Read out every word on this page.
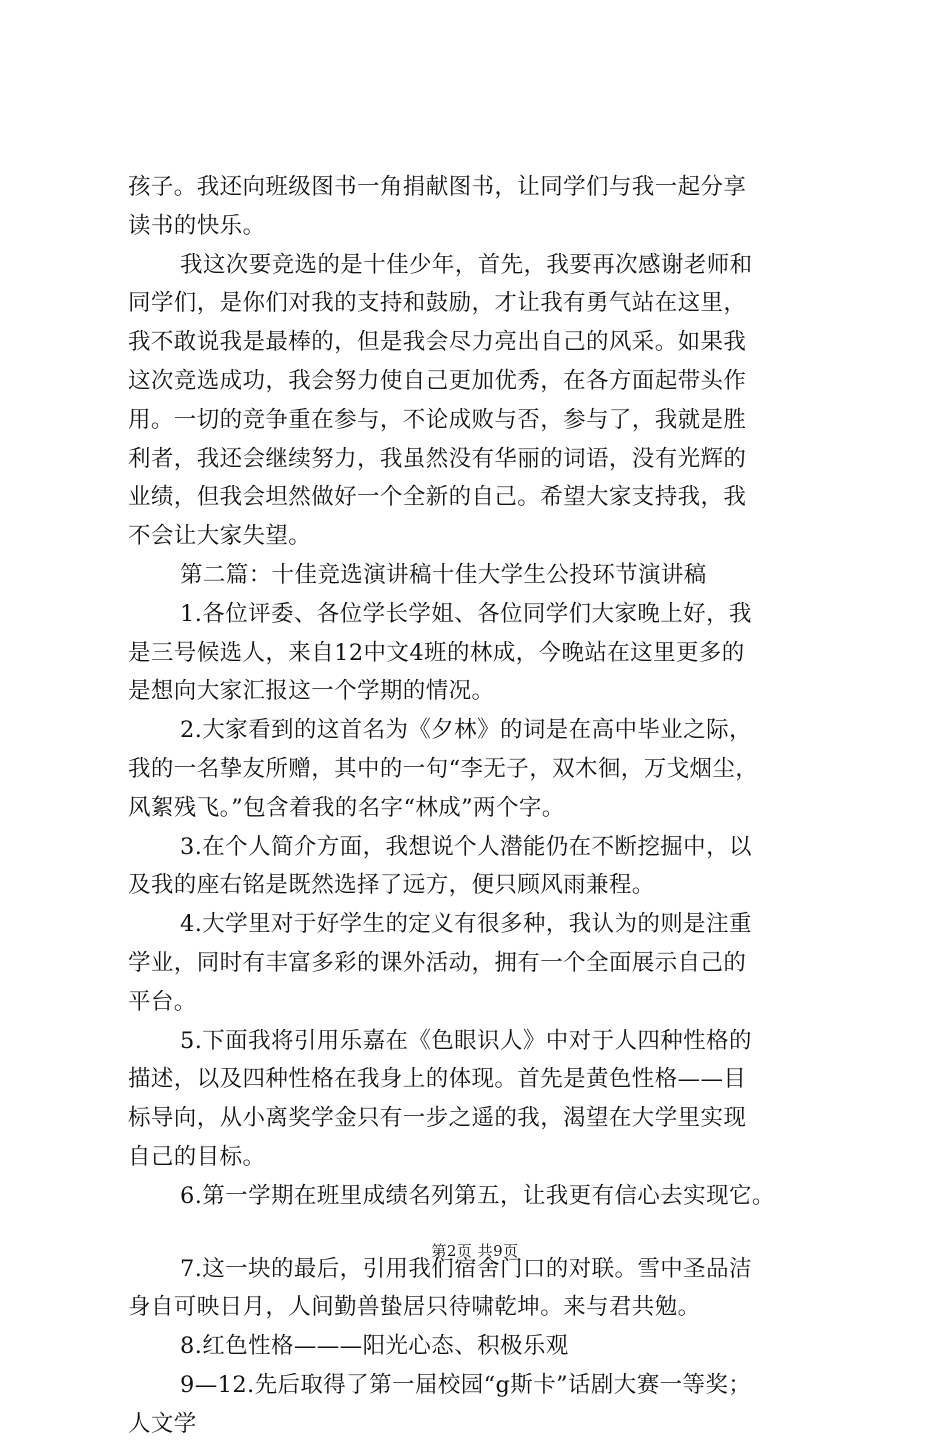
孩子。我还向班级图书一角捐献图书，让同学们与我一起分享
读书的快乐。
我这次要竞选的是十佳少年，首先，我要再次感谢老师和
同学们，是你们对我的支持和鼓励，才让我有勇气站在这里，
我不敢说我是最棒的，但是我会尽力亮出自己的风采。如果我
这次竞选成功，我会努力使自己更加优秀，在各方面起带头作
用。一切的竞争重在参与，不论成败与否，参与了，我就是胜
利者，我还会继续努力，我虽然没有华丽的词语，没有光辉的
业绩，但我会坦然做好一个全新的自己。希望大家支持我，我
不会让大家失望。
第二篇：十佳竞选演讲稿十佳大学生公投环节演讲稿
1.各位评委、各位学长学姐、各位同学们大家晚上好，我
是三号候选人，来自12中文4班的林成，今晚站在这里更多的
是想向大家汇报这一个学期的情况。
2.大家看到的这首名为《夕林》的词是在高中毕业之际，
我的一名挚友所赠，其中的一句“李无子，双木徊，万戈烟尘，
风絮残飞。”包含着我的名字“林成”两个字。
3.在个人简介方面，我想说个人潜能仍在不断挖掘中，以
及我的座右铭是既然选择了远方，便只顾风雨兼程。
4.大学里对于好学生的定义有很多种，我认为的则是注重
学业，同时有丰富多彩的课外活动，拥有一个全面展示自己的
平台。
5.下面我将引用乐嘉在《色眼识人》中对于人四种性格的
描述，以及四种性格在我身上的体现。首先是黄色性格——目
标导向，从小离奖学金只有一步之遥的我，渴望在大学里实现
自己的目标。
6.第一学期在班里成绩名列第五，让我更有信心去实现它。
7.这一块的最后，引用我们宿舍门口的对联。雪中圣品洁
身自可映日月，人间勤兽蛰居只待啸乾坤。来与君共勉。
8.红色性格———阳光心态、积极乐观
9—12.先后取得了第一届校园“g斯卡”话剧大赛一等奖；
人文学
第2页 共9页
